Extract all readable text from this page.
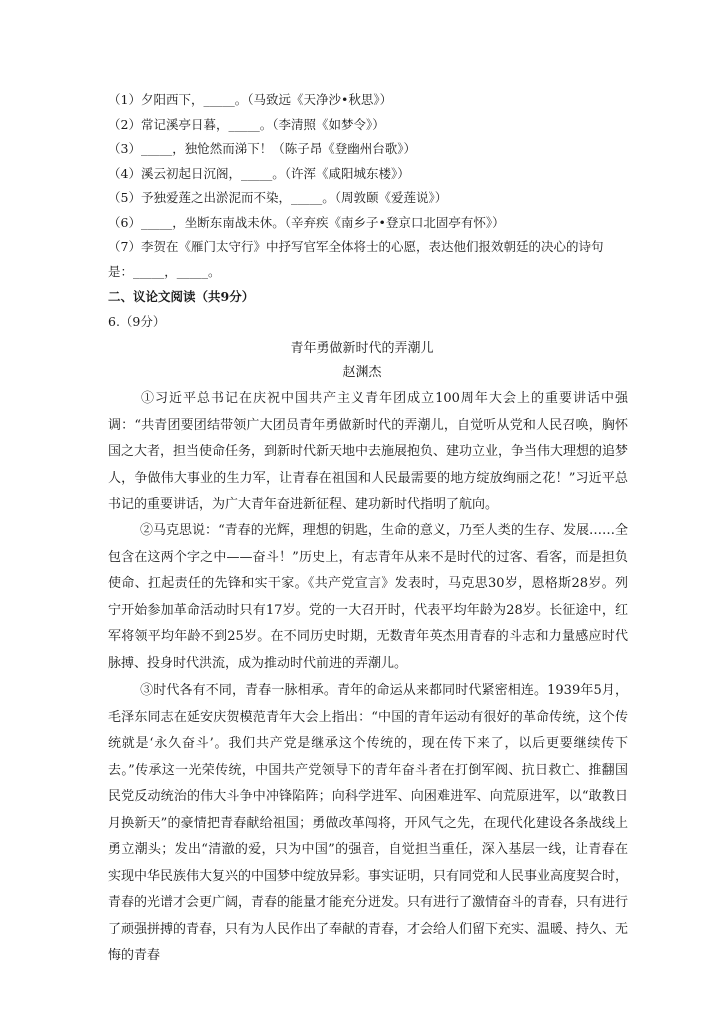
（1）夕阳西下，_____。（马致远《天净沙•秋思》）
（2）常记溪亭日暮，_____。（李清照《如梦令》）
（3）_____，独怆然而涕下！（陈子昂《登幽州台歌》）
（4）溪云初起日沉阁，_____。（许浑《咸阳城东楼》）
（5）予独爱莲之出淤泥而不染，_____。（周敦颐《爱莲说》）
（6）_____，坐断东南战未休。（辛弃疾《南乡子•登京口北固亭有怀》）
（7）李贺在《雁门太守行》中抒写官军全体将士的心愿，表达他们报效朝廷的决心的诗句
是：_____，_____。
二、议论文阅读（共9分）
6.（9分）
青年勇做新时代的弄潮儿
赵渊杰
①习近平总书记在庆祝中国共产主义青年团成立100周年大会上的重要讲话中强调：“共青团要团结带领广大团员青年勇做新时代的弄潮儿，自觉听从党和人民召唤，胸怀国之大者，担当使命任务，到新时代新天地中去施展抱负、建功立业，争当伟大理想的追梦人，争做伟大事业的生力军，让青春在祖国和人民最需要的地方绽放绚丽之花！”习近平总书记的重要讲话，为广大青年奋进新征程、建功新时代指明了航向。
②马克思说：“青春的光辉，理想的钥匙，生命的意义，乃至人类的生存、发展……全包含在这两个字之中——奋斗！”历史上，有志青年从来不是时代的过客、看客，而是担负使命、扛起责任的先锋和实干家。《共产党宣言》发表时，马克思30岁，恩格斯28岁。列宁开始参加革命活动时只有17岁。党的一大召开时，代表平均年龄为28岁。长征途中，红军将领平均年龄不到25岁。在不同历史时期，无数青年英杰用青春的斗志和力量感应时代脉搏、投身时代洪流，成为推动时代前进的弄潮儿。
③时代各有不同，青春一脉相承。青年的命运从来都同时代紧密相连。1939年5月，毛泽东同志在延安庆贺模范青年大会上指出：“中国的青年运动有很好的革命传统，这个传统就是‘永久奋斗’。我们共产党是继承这个传统的，现在传下来了，以后更要继续传下去。”传承这一光荣传统，中国共产党领导下的青年奋斗者在打倒军阀、抗日救亡、推翻国民党反动统治的伟大斗争中冲锋陷阵；向科学进军、向困难进军、向荒原进军，以“敢教日月换新天”的豪情把青春献给祖国；勇做改革闯将，开风气之先，在现代化建设各条战线上勇立潮头；发出“清澈的爱，只为中国”的强音，自觉担当重任，深入基层一线，让青春在实现中华民族伟大复兴的中国梦中绽放异彩。事实证明，只有同党和人民事业高度契合时，青春的光谱才会更广阔，青春的能量才能充分迸发。只有进行了激情奋斗的青春，只有进行了顽强拼搏的青春，只有为人民作出了奉献的青春，才会给人们留下充实、温暖、持久、无悔的青春
